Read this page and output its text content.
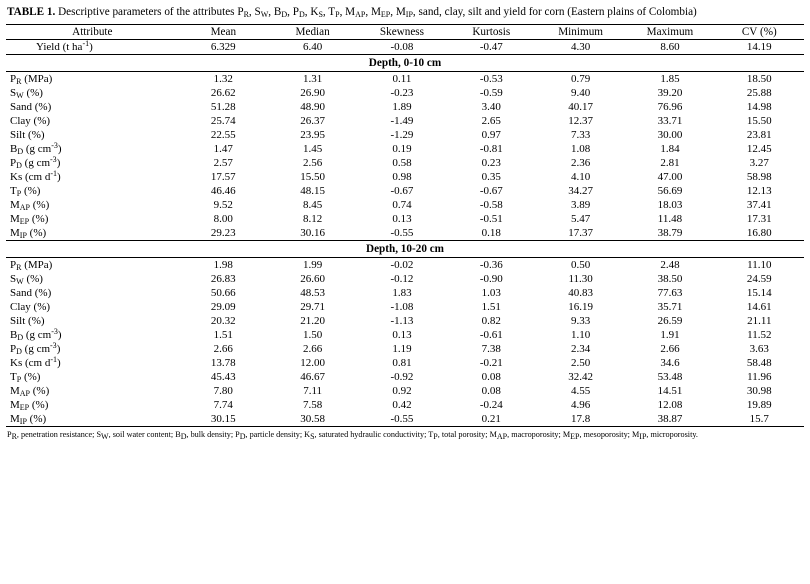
TABLE 1. Descriptive parameters of the attributes $P_R$, $S_W$, $B_D$, $P_D$, $K_S$, $T_P$, $M_{AP}$, $M_{EP}$, $M_{IP}$, sand, clay, silt and yield for corn (Eastern plains of Colombia)
Attribute	Mean	Median	Skewness	Kurtosis	Minimum	Maximum	CV (%)
Yield (t $ha^{-1}$)	6.329	6.40	-0.08	-0.47	4.30	8.60	14.19
Depth, 0-10 cm							
$P_R$ (MPa)	1.32	1.31	0.11	-0.53	0.79	1.85	18.50
$S_W$ (%)	26.62	26.90	-0.23	-0.59	9.40	39.20	25.88
Sand (%)	51.28	48.90	1.89	3.40	40.17	76.96	14.98
Clay (%)	25.74	26.37	-1.49	2.65	12.37	33.71	15.50
Silt (%)	22.55	23.95	-1.29	0.97	7.33	30.00	23.81
$B_D$ (g $cm^{-3}$)	1.47	1.45	0.19	-0.81	1.08	1.84	12.45
$P_D$ (g $cm^{-3}$)	2.57	2.56	0.58	0.23	2.36	2.81	3.27
Ks (cm $d^{-1}$)	17.57	15.50	0.98	0.35	4.10	47.00	58.98
$T_P$ (%)	46.46	48.15	-0.67	-0.67	34.27	56.69	12.13
$M_{AP}$ (%)	9.52	8.45	0.74	-0.58	3.89	18.03	37.41
$M_{EP}$ (%)	8.00	8.12	0.13	-0.51	5.47	11.48	17.31
$M_{IP}$ (%)	29.23	30.16	-0.55	0.18	17.37	38.79	16.80
Depth, 10-20 cm							
$P_R$ (MPa)	1.98	1.99	-0.02	-0.36	0.50	2.48	11.10
$S_W$ (%)	26.83	26.60	-0.12	-0.90	11.30	38.50	24.59
Sand (%)	50.66	48.53	1.83	1.03	40.83	77.63	15.14
Clay (%)	29.09	29.71	-1.08	1.51	16.19	35.71	14.61
Silt (%)	20.32	21.20	-1.13	0.82	9.33	26.59	21.11
$B_D$ (g $cm^{-3}$)	1.51	1.50	0.13	-0.61	1.10	1.91	11.52
$P_D$ (g $cm^{-3}$)	2.66	2.66	1.19	7.38	2.34	2.66	3.63
Ks (cm $d^{-1}$)	13.78	12.00	0.81	-0.21	2.50	34.6	58.48
$T_P$ (%)	45.43	46.67	-0.92	0.08	32.42	53.48	11.96
$M_{AP}$ (%)	7.80	7.11	0.92	0.08	4.55	14.51	30.98
$M_{EP}$ (%)	7.74	7.58	0.42	-0.24	4.96	12.08	19.89
$M_{IP}$ (%)	30.15	30.58	-0.55	0.21	17.8	38.87	15.7
$P_R$, penetration resistance; $S_W$, soil water content; $B_D$, bulk density; $P_D$, particle density; $K_S$, saturated hydraulic conductivity; $T_P$, total porosity; $M_{AP}$, macroporosity; $M_{EP}$, mesoporosity; $M_{IP}$, microporosity.
